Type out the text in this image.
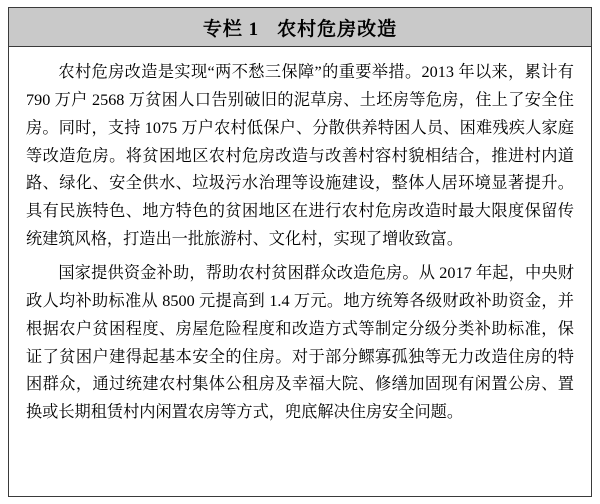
专栏 1 农村危房改造

农村危房改造是实现“两不愁三保障”的重要举措。2013 年以来，累计有 790 万户 2568 万贫困人口告别破旧的泥草房、土坯房等危房，住上了安全住房。同时，支持 1075 万户农村低保户、分散供养特困人员、困难残疾人家庭等改造危房。将贫困地区农村危房改造与改善村容村貌相结合，推进村内道路、绿化、安全供水、垃圾污水治理等设施建设，整体人居环境显著提升。具有民族特色、地方特色的贫困地区在进行农村危房改造时最大限度保留传统建筑风格，打造出一批旅游村、文化村，实现了增收致富。

国家提供资金补助，帮助农村贫困群众改造危房。从 2017 年起，中央财政人均补助标准从 8500 元提高到 1.4 万元。地方统筹各级财政补助资金，并根据农户贫困程度、房屋危险程度和改造方式等制定分级分类补助标准，保证了贫困户建得起基本安全的住房。对于部分鳏寡孤独等无力改造住房的特困群众，通过统建农村集体公租房及幸福大院、修缮加固现有闲置公房、置换或长期租赁村内闲置农房等方式，兜底解决住房安全问题。
